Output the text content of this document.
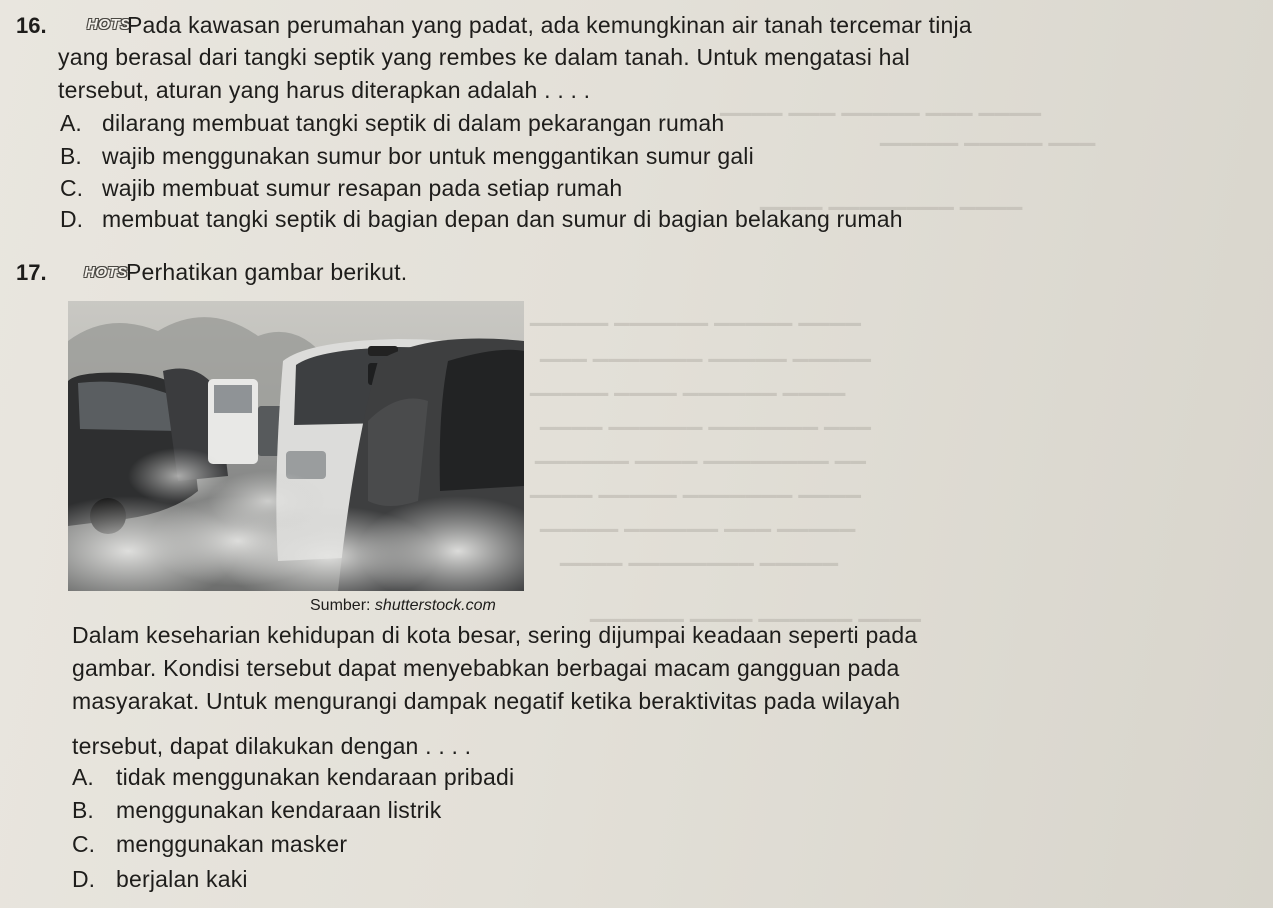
▁▁▁▁ ▁▁▁ ▁▁▁▁▁ ▁▁▁ ▁▁▁▁
▁▁▁▁▁ ▁▁▁▁▁ ▁▁▁
▁▁▁▁ ▁▁▁▁▁▁▁▁ ▁▁▁▁
▁▁▁▁▁ ▁▁▁▁▁▁ ▁▁▁▁▁ ▁▁▁▁
▁▁▁ ▁▁▁▁▁▁▁ ▁▁▁▁▁ ▁▁▁▁▁
▁▁▁▁▁ ▁▁▁▁ ▁▁▁▁▁▁ ▁▁▁▁
▁▁▁▁ ▁▁▁▁▁▁ ▁▁▁▁▁▁▁ ▁▁▁
▁▁▁▁▁▁ ▁▁▁▁ ▁▁▁▁▁▁▁▁ ▁▁
▁▁▁▁ ▁▁▁▁▁ ▁▁▁▁▁▁▁ ▁▁▁▁
▁▁▁▁▁ ▁▁▁▁▁▁ ▁▁▁ ▁▁▁▁▁
▁▁▁▁ ▁▁▁▁▁▁▁▁ ▁▁▁▁▁
▁▁▁▁▁▁ ▁▁▁▁ ▁▁▁▁▁▁ ▁▁▁▁
16.	HOTS
Pada kawasan perumahan yang padat, ada kemungkinan air tanah tercemar tinja
yang berasal dari tangki septik yang rembes ke dalam tanah. Untuk mengatasi hal
tersebut, aturan yang harus diterapkan adalah . . . .
A. dilarang membuat tangki septik di dalam pekarangan rumah
B. wajib menggunakan sumur bor untuk menggantikan sumur gali
C. wajib membuat sumur resapan pada setiap rumah
D. membuat tangki septik di bagian depan dan sumur di bagian belakang rumah
17. HOTS
Perhatikan gambar berikut.
Sumber: shutterstock.com
Dalam keseharian kehidupan di kota besar, sering dijumpai keadaan seperti pada
gambar. Kondisi tersebut dapat menyebabkan berbagai macam gangguan pada
masyarakat. Untuk mengurangi dampak negatif ketika beraktivitas pada wilayah
tersebut, dapat dilakukan dengan . . . .
A. tidak menggunakan kendaraan pribadi
B. menggunakan kendaraan listrik
C. menggunakan masker
D. berjalan kaki
